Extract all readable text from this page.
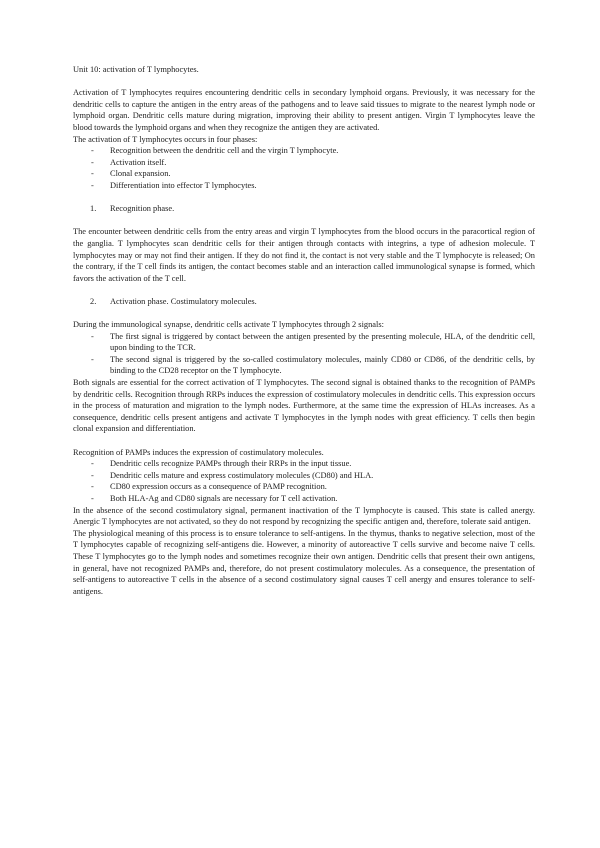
Unit 10: activation of T lymphocytes.

Activation of T lymphocytes requires encountering dendritic cells in secondary lymphoid organs. Previously, it was necessary for the dendritic cells to capture the antigen in the entry areas of the pathogens and to leave said tissues to migrate to the nearest lymph node or lymphoid organ. Dendritic cells mature during migration, improving their ability to present antigen. Virgin T lymphocytes leave the blood towards the lymphoid organs and when they recognize the antigen they are activated.

The activation of T lymphocytes occurs in four phases:

- Recognition between the dendritic cell and the virgin T lymphocyte.
- Activation itself.
- Clonal expansion.
- Differentiation into effector T lymphocytes.
1. Recognition phase.

The encounter between dendritic cells from the entry areas and virgin T lymphocytes from the blood occurs in the paracortical region of the ganglia. T lymphocytes scan dendritic cells for their antigen through contacts with integrins, a type of adhesion molecule. T lymphocytes may or may not find their antigen. If they do not find it, the contact is not very stable and the T lymphocyte is released; On the contrary, if the T cell finds its antigen, the contact becomes stable and an interaction called immunological synapse is formed, which favors the activation of the T cell.

2. Activation phase. Costimulatory molecules.

During the immunological synapse, dendritic cells activate T lymphocytes through 2 signals:

- The first signal is triggered by contact between the antigen presented by the presenting molecule, HLA, of the dendritic cell, upon binding to the TCR.
- The second signal is triggered by the so-called costimulatory molecules, mainly CD80 or CD86, of the dendritic cells, by binding to the CD28 receptor on the T lymphocyte.

Both signals are essential for the correct activation of T lymphocytes. The second signal is obtained thanks to the recognition of PAMPs by dendritic cells. Recognition through RRPs induces the expression of costimulatory molecules in dendritic cells. This expression occurs in the process of maturation and migration to the lymph nodes. Furthermore, at the same time the expression of HLAs increases. As a consequence, dendritic cells present antigens and activate T lymphocytes in the lymph nodes with great efficiency. T cells then begin clonal expansion and differentiation.

Recognition of PAMPs induces the expression of costimulatory molecules.

- Dendritic cells recognize PAMPs through their RRPs in the input tissue.
- Dendritic cells mature and express costimulatory molecules (CD80) and HLA.
- CD80 expression occurs as a consequence of PAMP recognition.
- Both HLA-Ag and CD80 signals are necessary for T cell activation.

In the absence of the second costimulatory signal, permanent inactivation of the T lymphocyte is caused. This state is called anergy. Anergic T lymphocytes are not activated, so they do not respond by recognizing the specific antigen and, therefore, tolerate said antigen.

The physiological meaning of this process is to ensure tolerance to self-antigens. In the thymus, thanks to negative selection, most of the T lymphocytes capable of recognizing self-antigens die. However, a minority of autoreactive T cells survive and become naive T cells. These T lymphocytes go to the lymph nodes and sometimes recognize their own antigen. Dendritic cells that present their own antigens, in general, have not recognized PAMPs and, therefore, do not present costimulatory molecules. As a consequence, the presentation of self-antigens to autoreactive T cells in the absence of a second costimulatory signal causes T cell anergy and ensures tolerance to self-antigens.
